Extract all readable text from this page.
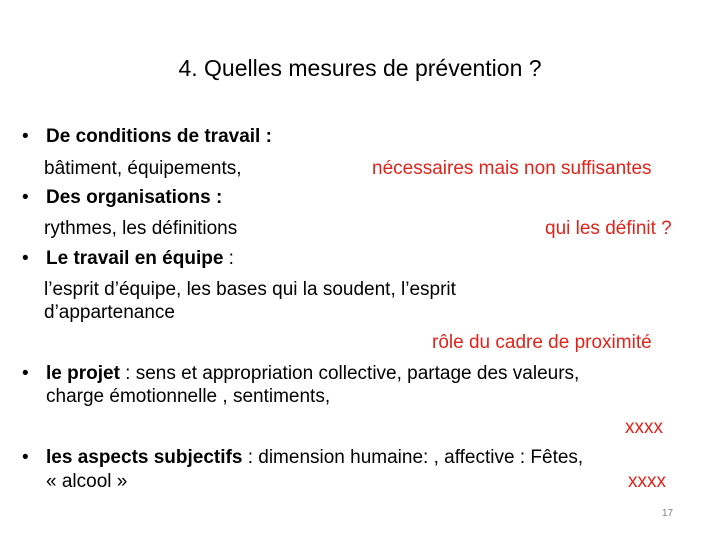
4. Quelles mesures de prévention ?
• De conditions de travail :
bâtiment, équipements,	nécessaires mais non suffisantes
• Des organisations :
rythmes, les définitions	qui les définit ?
• Le travail en équipe :
l’esprit d’équipe, les bases qui la soudent, l’esprit
d’appartenance
rôle du cadre de proximité
• le projet : sens et appropriation collective, partage des valeurs,
charge émotionnelle , sentiments,
xxxx
• les aspects subjectifs : dimension humaine: , affective : Fêtes,
« alcool »	xxxx
17
